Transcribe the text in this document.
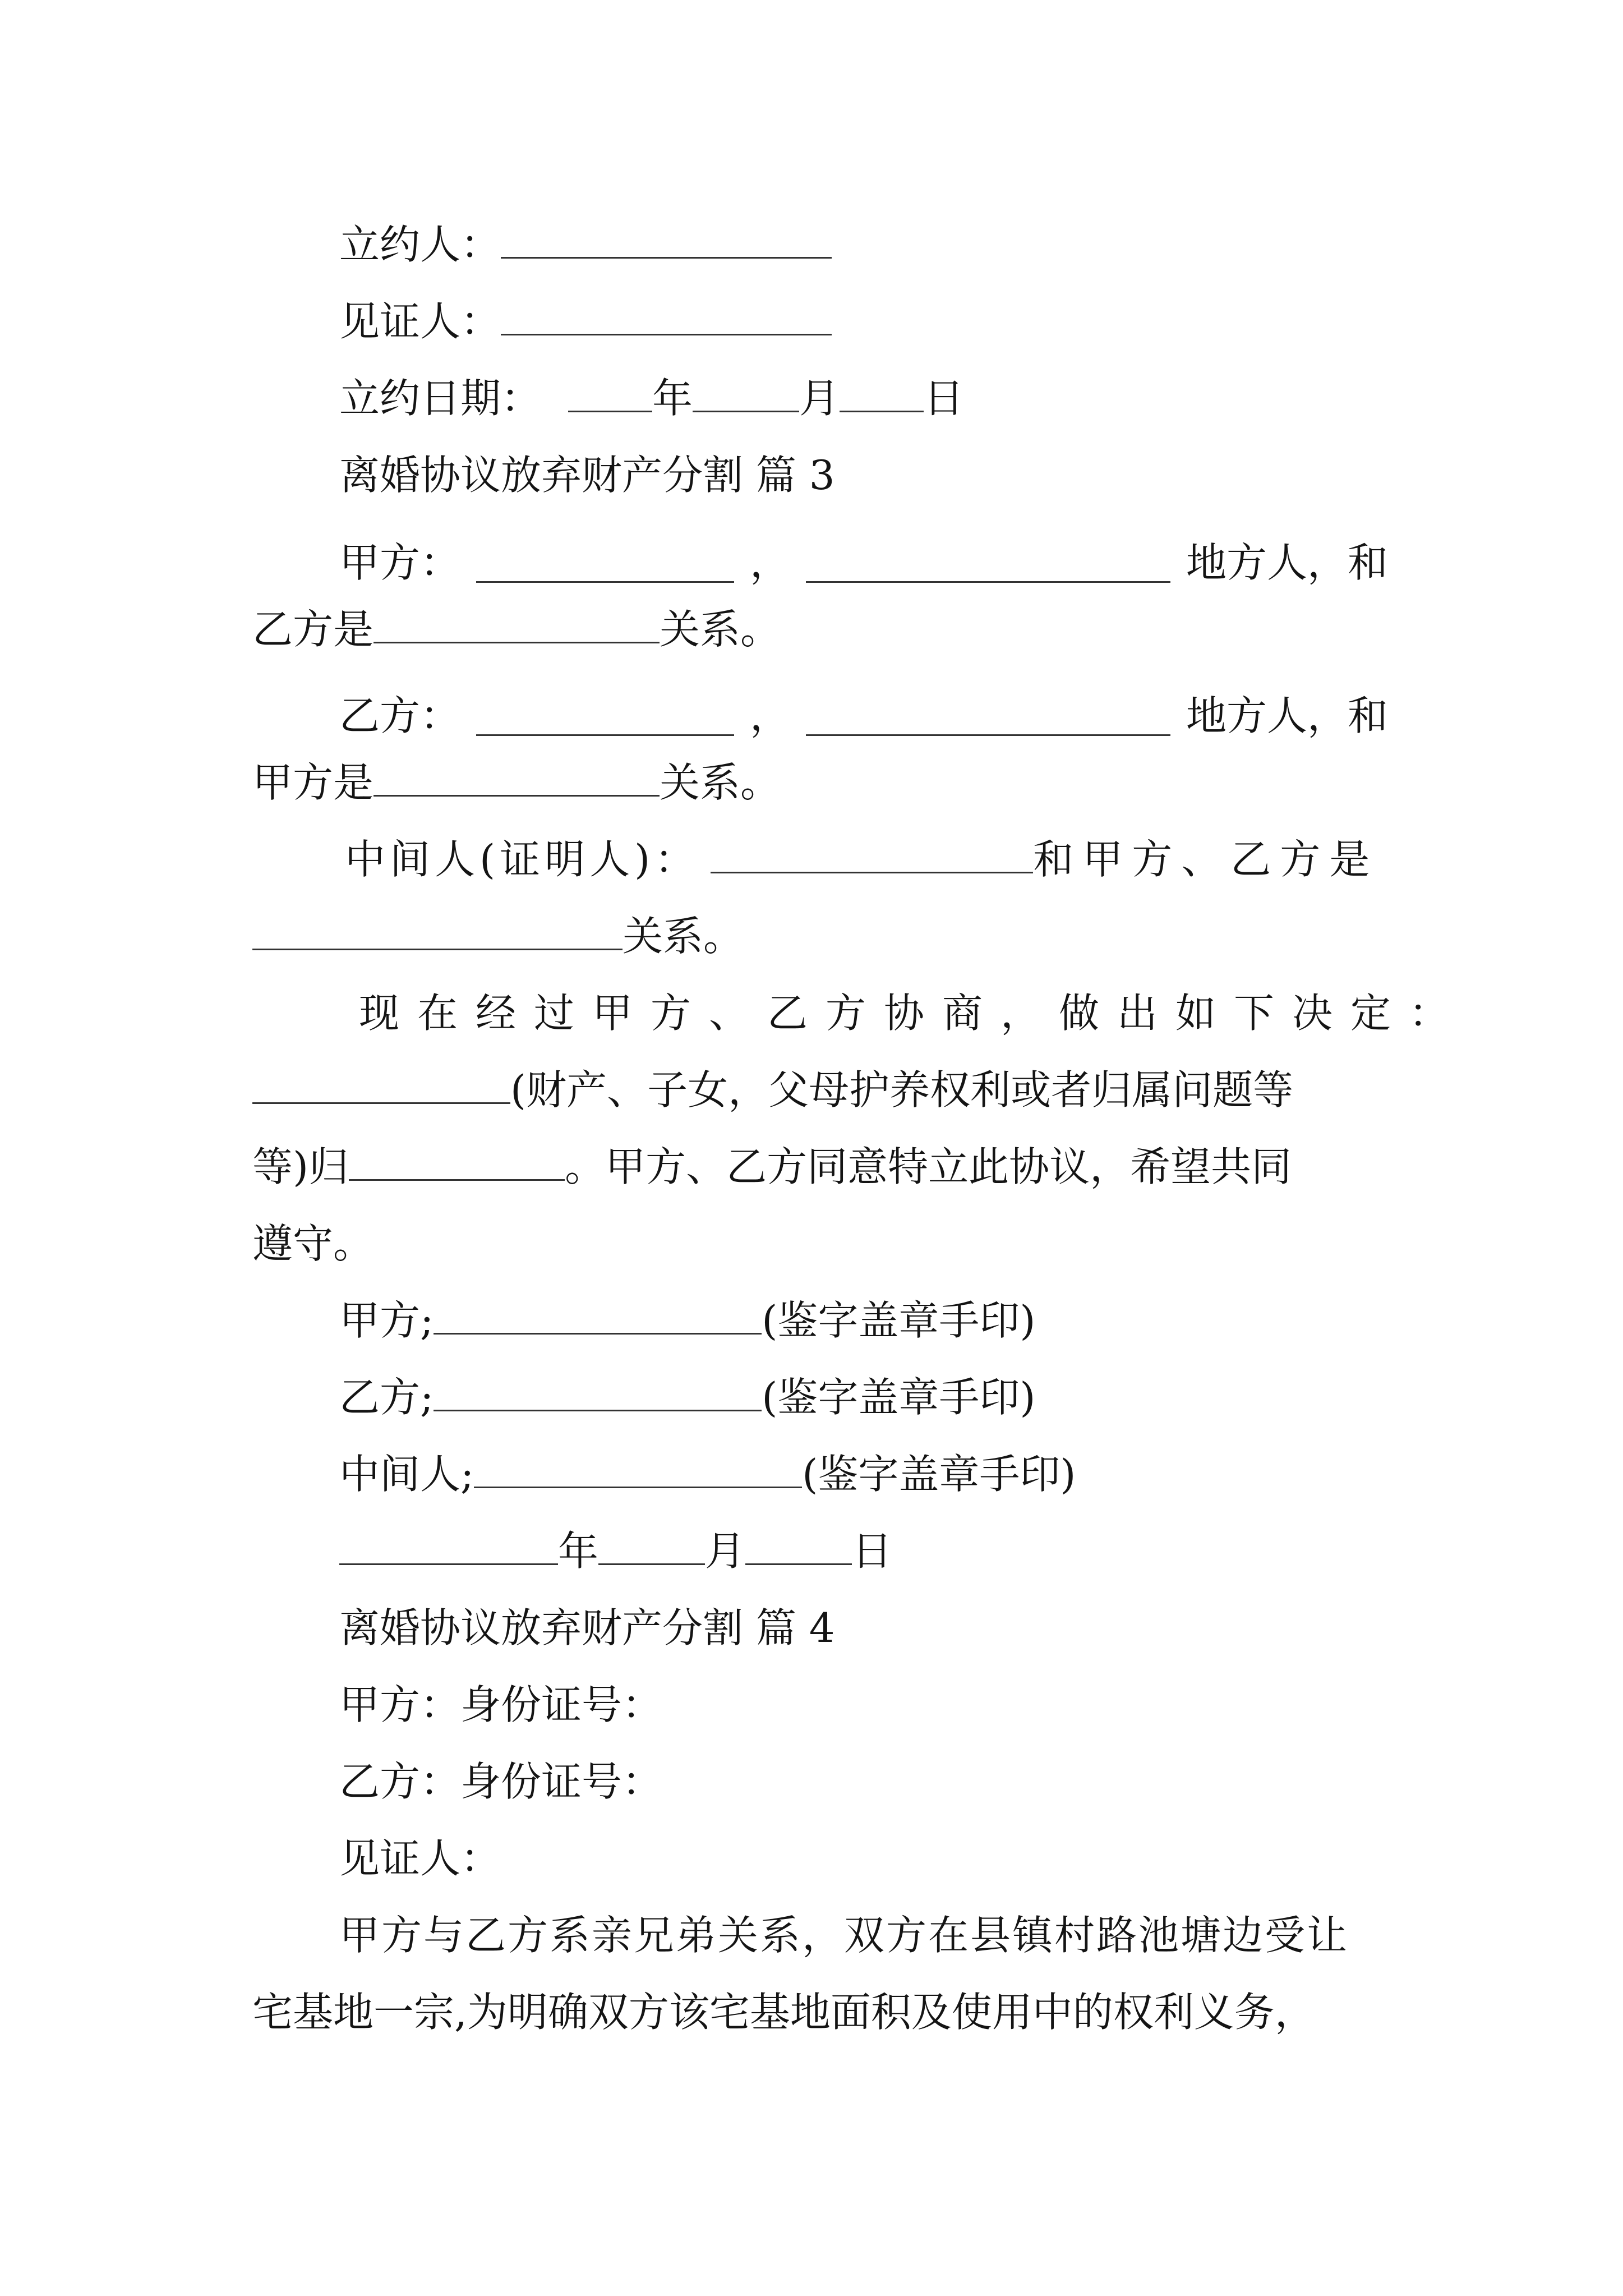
立约人：
见证人：
立约日期：	年	月 日
离婚协议放弃财产分割 篇 3
甲方：	，	地方人，和
乙方是	关系。
乙方：	，	地方人，和
甲方是	关系。
中间人(证明人)：	和甲方、乙方是
关系。
现在经过甲方、乙方协商，做出如下决定：
(财产、子女，父母护养权利或者归属问题等
等)归	。甲方、乙方同意特立此协议，希望共同
遵守。
甲方;	(鉴字盖章手印)
乙方;	(鉴字盖章手印)
中间人;	(鉴字盖章手印)
年	月	日
离婚协议放弃财产分割 篇 4
甲方：身份证号：
乙方：身份证号：
见证人：
甲方与乙方系亲兄弟关系，双方在县镇村路池塘边受让
宅基地一宗,为明确双方该宅基地面积及使用中的权利义务，
